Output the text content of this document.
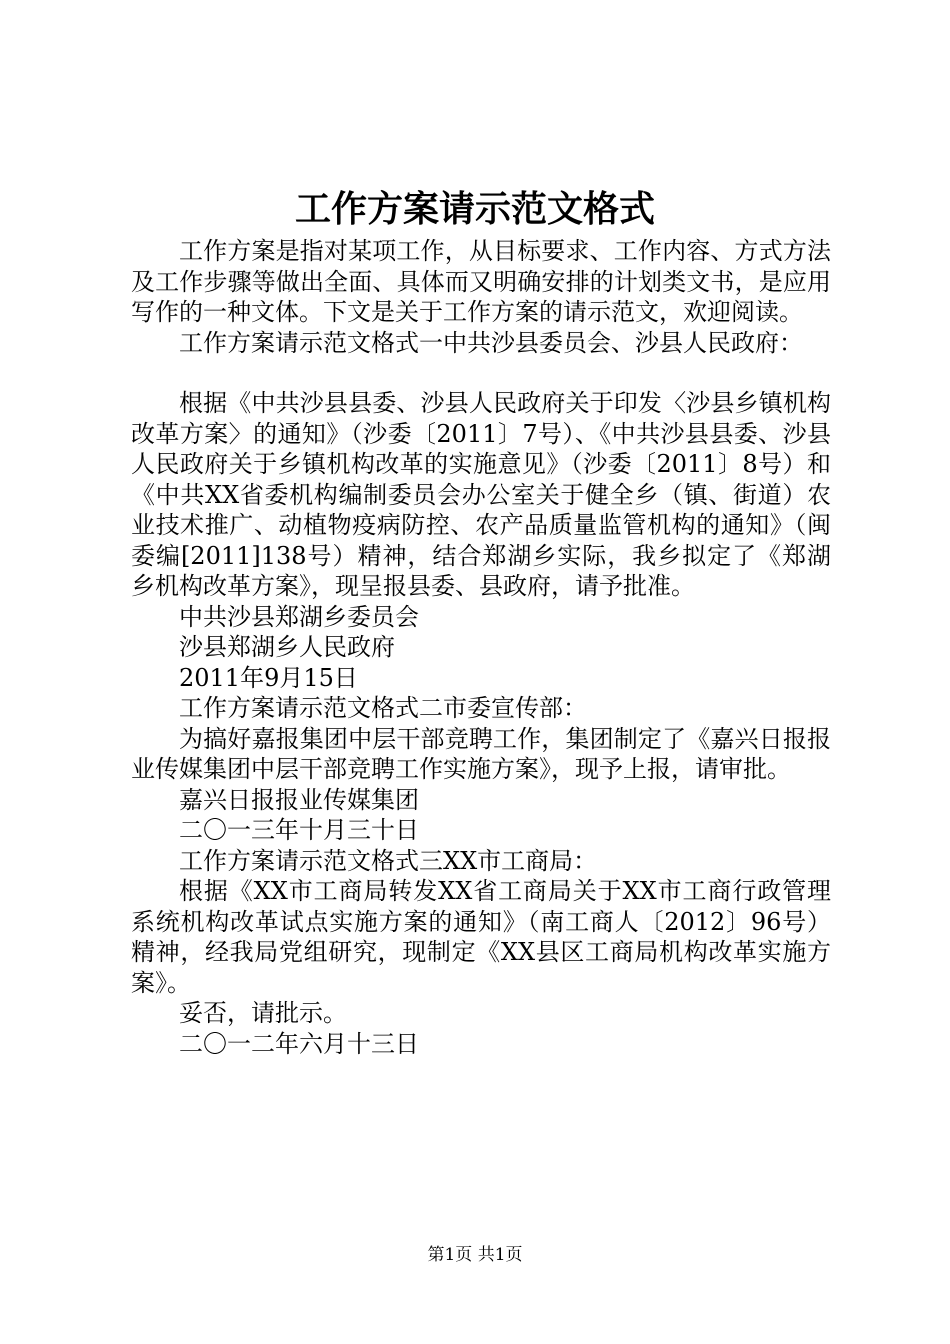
工作方案请示范文格式

工作方案是指对某项工作，从目标要求、工作内容、方式方法及工作步骤等做出全面、具体而又明确安排的计划类文书，是应用写作的一种文体。下文是关于工作方案的请示范文，欢迎阅读。

工作方案请示范文格式一中共沙县委员会、沙县人民政府：

根据《中共沙县县委、沙县人民政府关于印发〈沙县乡镇机构改革方案〉的通知》（沙委〔2011〕7号）、《中共沙县县委、沙县人民政府关于乡镇机构改革的实施意见》（沙委〔2011〕8号）和《中共XX省委机构编制委员会办公室关于健全乡（镇、街道）农业技术推广、动植物疫病防控、农产品质量监管机构的通知》（闽委编[2011]138号）精神，结合郑湖乡实际，我乡拟定了《郑湖乡机构改革方案》，现呈报县委、县政府，请予批准。

中共沙县郑湖乡委员会

沙县郑湖乡人民政府

2011年9月15日

工作方案请示范文格式二市委宣传部：

为搞好嘉报集团中层干部竞聘工作，集团制定了《嘉兴日报报业传媒集团中层干部竞聘工作实施方案》，现予上报，请审批。

嘉兴日报报业传媒集团

二〇一三年十月三十日

工作方案请示范文格式三XX市工商局：

根据《XX市工商局转发XX省工商局关于XX市工商行政管理系统机构改革试点实施方案的通知》（南工商人〔2012〕96号）精神，经我局党组研究，现制定《XX县区工商局机构改革实施方案》。

妥否，请批示。

二〇一二年六月十三日

第1页 共1页
